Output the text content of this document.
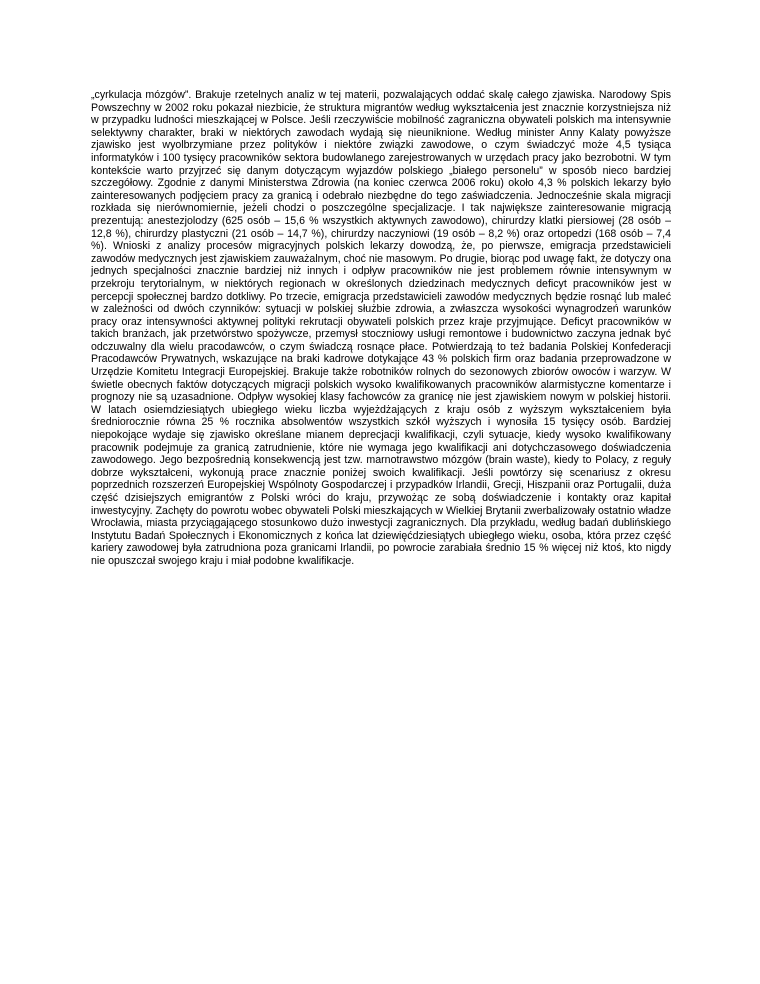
„cyrkulacja mózgów”. Brakuje rzetelnych analiz w tej materii, pozwalających oddać skalę całego zjawiska. Narodowy Spis Powszechny w 2002 roku pokazał niezbicie, że struktura migrantów według wykształcenia jest znacznie korzystniejsza niż w przypadku ludności mieszkającej w Polsce. Jeśli rzeczywiście mobilność zagraniczna obywateli polskich ma intensywnie selektywny charakter, braki w niektórych zawodach wydają się nieuniknione. Według minister Anny Kalaty powyższe zjawisko jest wyolbrzymiane przez polityków i niektóre związki zawodowe, o czym świadczyć może 4,5 tysiąca informatyków i 100 tysięcy pracowników sektora budowlanego zarejestrowanych w urzędach pracy jako bezrobotni. W tym kontekście warto przyjrzeć się danym dotyczącym wyjazdów polskiego „białego personelu” w sposób nieco bardziej szczegółowy. Zgodnie z danymi Ministerstwa Zdrowia (na koniec czerwca 2006 roku) około 4,3 % polskich lekarzy było zainteresowanych podjęciem pracy za granicą i odebrało niezbędne do tego zaświadczenia. Jednocześnie skala migracji rozkłada się nierównomiernie, jeżeli chodzi o poszczególne specjalizacje. I tak największe zainteresowanie migracją prezentują: anestezjolodzy (625 osób – 15,6 % wszystkich aktywnych zawodowo), chirurdzy klatki piersiowej (28 osób – 12,8 %), chirurdzy plastyczni (21 osób – 14,7 %), chirurdzy naczyniowi (19 osób – 8,2 %) oraz ortopedzi (168 osób – 7,4 %). Wnioski z analizy procesów migracyjnych polskich lekarzy dowodzą, że, po pierwsze, emigracja przedstawicieli zawodów medycznych jest zjawiskiem zauważalnym, choć nie masowym. Po drugie, biorąc pod uwagę fakt, że dotyczy ona jednych specjalności znacznie bardziej niż innych i odpływ pracowników nie jest problemem równie intensywnym w przekroju terytorialnym, w niektórych regionach w określonych dziedzinach medycznych deficyt pracowników jest w percepcji społecznej bardzo dotkliwy. Po trzecie, emigracja przedstawicieli zawodów medycznych będzie rosnąć lub maleć w zależności od dwóch czynników: sytuacji w polskiej służbie zdrowia, a zwłaszcza wysokości wynagrodzeń warunków pracy oraz intensywności aktywnej polityki rekrutacji obywateli polskich przez kraje przyjmujące. Deficyt pracowników w takich branżach, jak przetwórstwo spożywcze, przemysł stoczniowy usługi remontowe i budownictwo zaczyna jednak być odczuwalny dla wielu pracodawców, o czym świadczą rosnące płace. Potwierdzają to też badania Polskiej Konfederacji Pracodawców Prywatnych, wskazujące na braki kadrowe dotykające 43 % polskich firm oraz badania przeprowadzone w Urzędzie Komitetu Integracji Europejskiej. Brakuje także robotników rolnych do sezonowych zbiorów owoców i warzyw. W świetle obecnych faktów dotyczących migracji polskich wysoko kwalifikowanych pracowników alarmistyczne komentarze i prognozy nie są uzasadnione. Odpływ wysokiej klasy fachowców za granicę nie jest zjawiskiem nowym w polskiej historii. W latach osiemdziesiątych ubiegłego wieku liczba wyjeżdżających z kraju osób z wyższym wykształceniem była średniorocznie równa 25 % rocznika absolwentów wszystkich szkół wyższych i wynosiła 15 tysięcy osób. Bardziej niepokojące wydaje się zjawisko określane mianem deprecjacji kwalifikacji, czyli sytuacje, kiedy wysoko kwalifikowany pracownik podejmuje za granicą zatrudnienie, które nie wymaga jego kwalifikacji ani dotychczasowego doświadczenia zawodowego. Jego bezpośrednią konsekwencją jest tzw. marnotrawstwo mózgów (brain waste), kiedy to Polacy, z reguły dobrze wykształceni, wykonują prace znacznie poniżej swoich kwalifikacji. Jeśli powtórzy się scenariusz z okresu poprzednich rozszerzeń Europejskiej Wspólnoty Gospodarczej i przypadków Irlandii, Grecji, Hiszpanii oraz Portugalii, duża część dzisiejszych emigrantów z Polski wróci do kraju, przywożąc ze sobą doświadczenie i kontakty oraz kapitał inwestycyjny. Zachęty do powrotu wobec obywateli Polski mieszkających w Wielkiej Brytanii zwerbalizowały ostatnio władze Wrocławia, miasta przyciągającego stosunkowo dużo inwestycji zagranicznych. Dla przykładu, według badań dublińskiego Instytutu Badań Społecznych i Ekonomicznych z końca lat dziewięćdziesiątych ubiegłego wieku, osoba, która przez część kariery zawodowej była zatrudniona poza granicami Irlandii, po powrocie zarabiała średnio 15 % więcej niż ktoś, kto nigdy nie opuszczał swojego kraju i miał podobne kwalifikacje.
